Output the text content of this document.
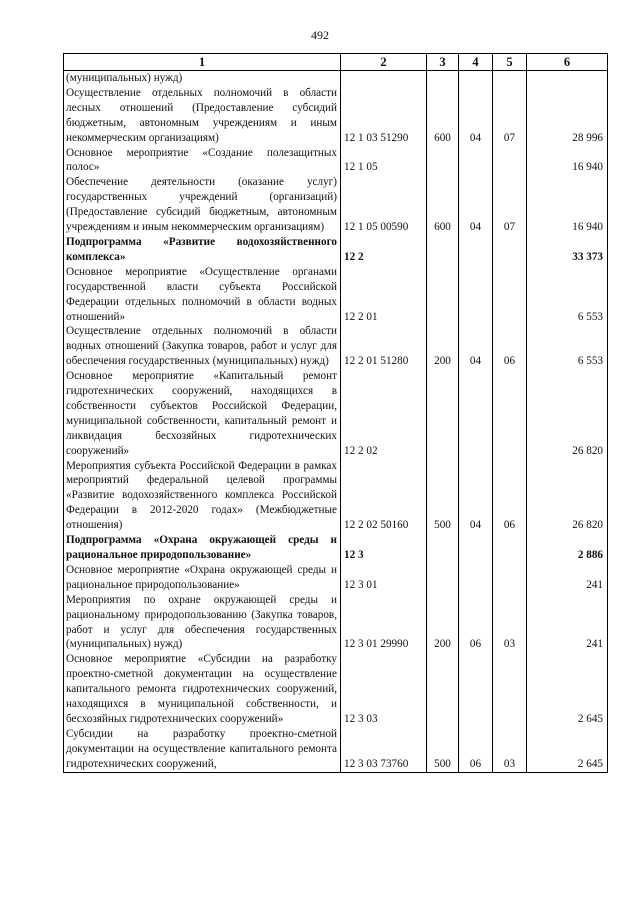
492
1	2	3	4	5	6
(муниципальных) нужд)					
Осуществление отдельных полномочий в области лесных отношений (Предоставление субсидий бюджетным, автономным учреждениям и иным некоммерческим организациям)	12 1 03 51290	600	04	07	28 996
Основное мероприятие «Создание полезащитных полос»	12 1 05				16 940
Обеспечение деятельности (оказание услуг) государственных учреждений (организаций) (Предоставление субсидий бюджетным, автономным учреждениям и иным некоммерческим организациям)	12 1 05 00590	600	04	07	16 940
Подпрограмма «Развитие водохозяйственного комплекса»	12 2				33 373
Основное мероприятие «Осуществление органами государственной власти субъекта Российской Федерации отдельных полномочий в области водных отношений»	12 2 01				6 553
Осуществление отдельных полномочий в области водных отношений (Закупка товаров, работ и услуг для обеспечения государственных (муниципальных) нужд)	12 2 01 51280	200	04	06	6 553
Основное мероприятие «Капитальный ремонт гидротехнических сооружений, находящихся в собственности субъектов Российской Федерации, муниципальной собственности, капитальный ремонт и ликвидация бесхозяйных гидротехнических сооружений»	12 2 02				26 820
Мероприятия субъекта Российской Федерации в рамках мероприятий федеральной целевой программы «Развитие водохозяйственного комплекса Российской Федерации в 2012-2020 годах» (Межбюджетные отношения)	12 2 02 50160	500	04	06	26 820
Подпрограмма «Охрана окружающей среды и рациональное природопользование»	12 3				2 886
Основное мероприятие «Охрана окружающей среды и рациональное природопользование»	12 3 01				241
Мероприятия по охране окружающей среды и рациональному природопользованию (Закупка товаров, работ и услуг для обеспечения государственных (муниципальных) нужд)	12 3 01 29990	200	06	03	241
Основное мероприятие «Субсидии на разработку проектно-сметной документации на осуществление капитального ремонта гидротехнических сооружений, находящихся в муниципальной собственности, и бесхозяйных гидротехнических сооружений»	12 3 03				2 645
Субсидии на разработку проектно-сметной документации на осуществление капитального ремонта гидротехнических сооружений,	12 3 03 73760	500	06	03	2 645
